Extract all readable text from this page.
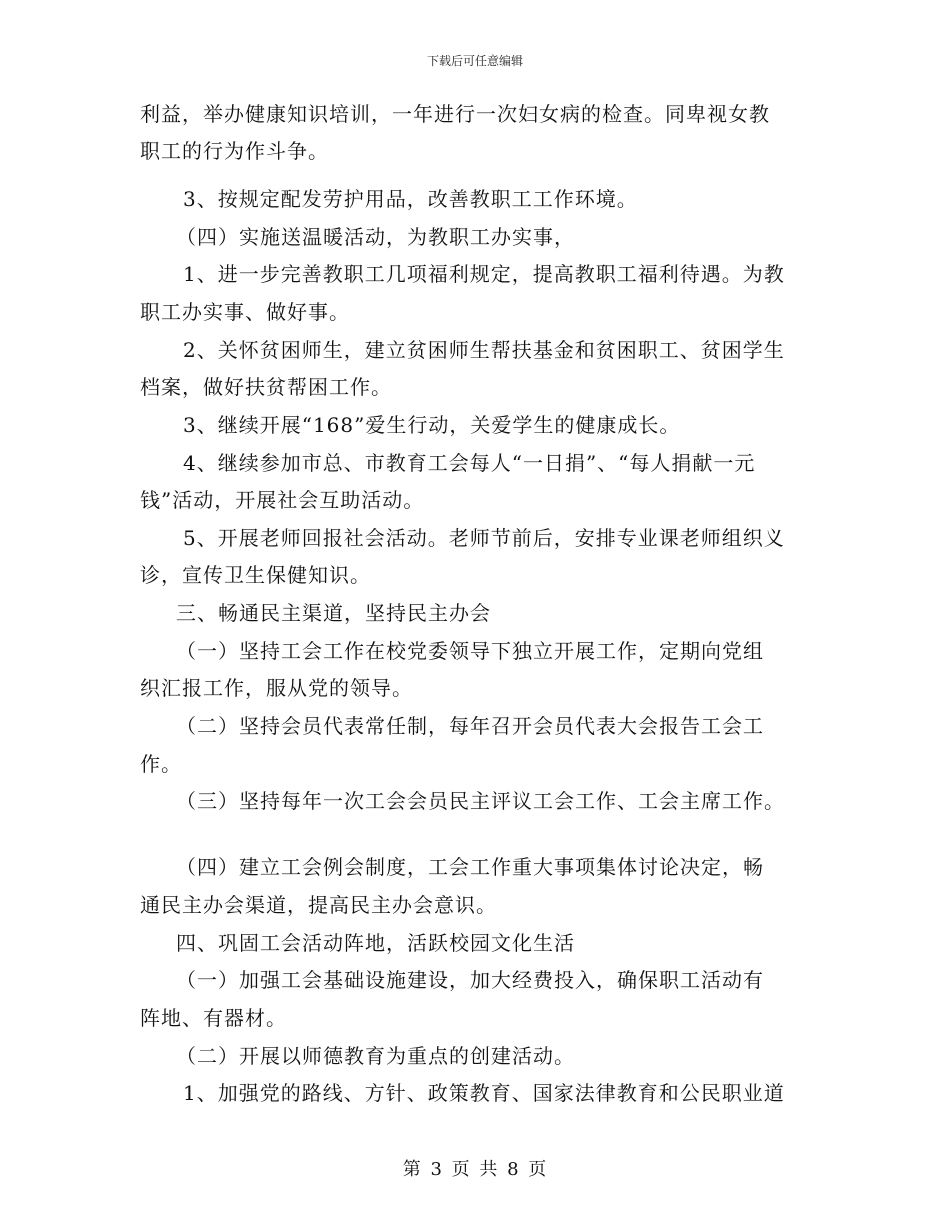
下载后可任意编辑
利益，举办健康知识培训，一年进行一次妇女病的检查。同卑视女教
职工的行为作斗争。
3、按规定配发劳护用品，改善教职工工作环境。
（四）实施送温暖活动，为教职工办实事，
1、进一步完善教职工几项福利规定，提高教职工福利待遇。为教
职工办实事、做好事。
2、关怀贫困师生，建立贫困师生帮扶基金和贫困职工、贫困学生
档案，做好扶贫帮困工作。
3、继续开展“168”爱生行动，关爱学生的健康成长。
4、继续参加市总、市教育工会每人“一日捐”、“每人捐献一元
钱”活动，开展社会互助活动。
5、开展老师回报社会活动。老师节前后，安排专业课老师组织义
诊，宣传卫生保健知识。
三、畅通民主渠道，坚持民主办会
（一）坚持工会工作在校党委领导下独立开展工作，定期向党组
织汇报工作，服从党的领导。
（二）坚持会员代表常任制，每年召开会员代表大会报告工会工
作。
（三）坚持每年一次工会会员民主评议工会工作、工会主席工作。
（四）建立工会例会制度，工会工作重大事项集体讨论决定，畅
通民主办会渠道，提高民主办会意识。
四、巩固工会活动阵地，活跃校园文化生活
（一）加强工会基础设施建设，加大经费投入，确保职工活动有
阵地、有器材。
（二）开展以师德教育为重点的创建活动。
1、加强党的路线、方针、政策教育、国家法律教育和公民职业道
第 3 页 共 8 页
